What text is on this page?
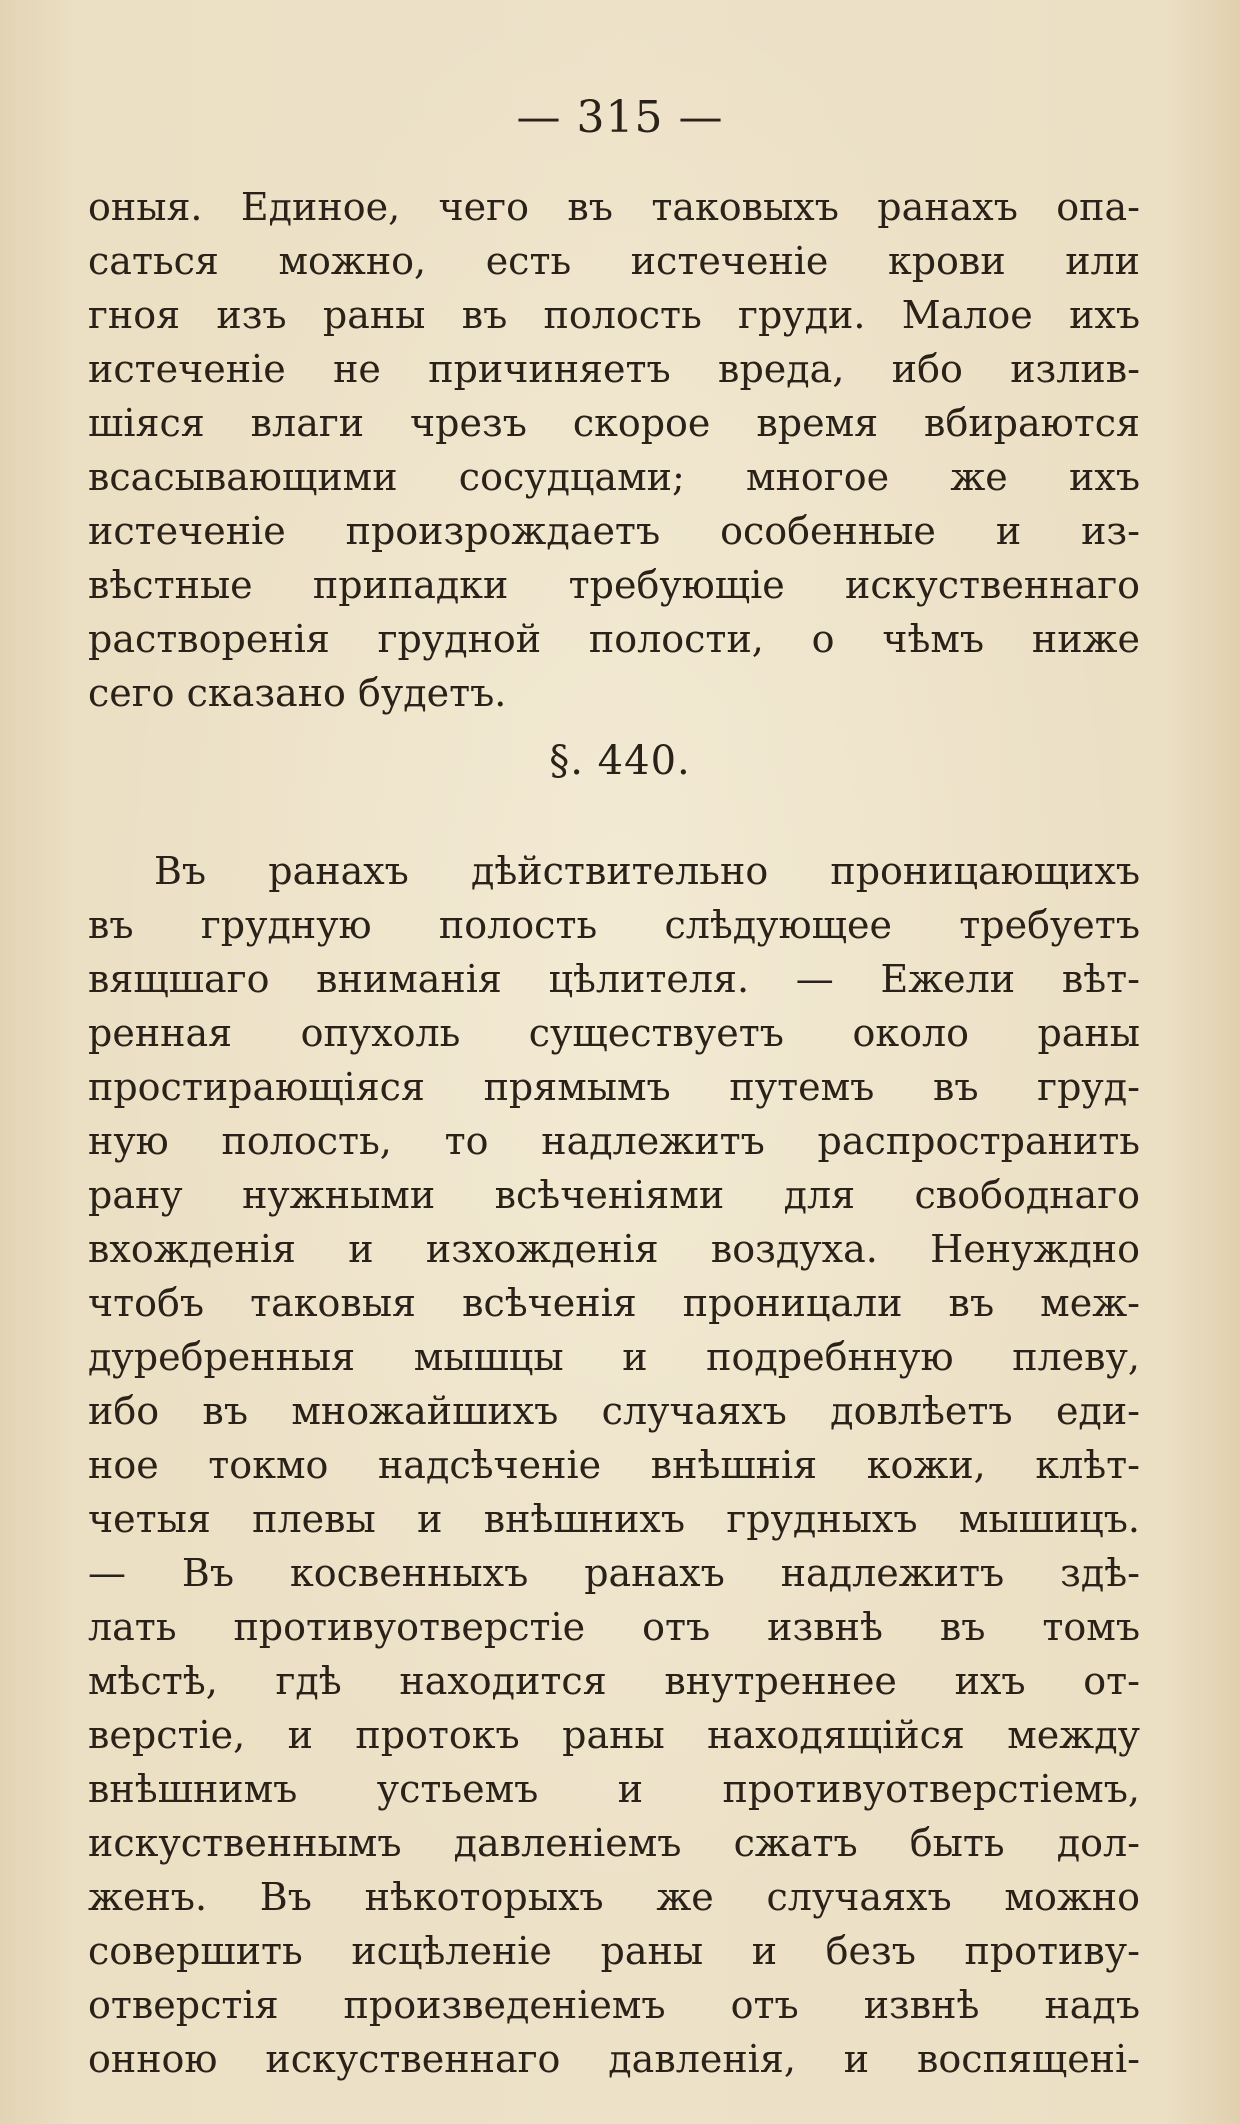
— 315 —
оныя. Единое, чего въ таковыхъ ранахъ опа-
саться можно, есть истеченіе крови или
гноя изъ раны въ полость груди. Малое ихъ
истеченіе не причиняетъ вреда, ибо излив-
шіяся влаги чрезъ скорое время вбираются
всасывающими сосудцами; многое же ихъ
истеченіе произрождаетъ особенные и из-
вѣстные припадки требующіе искуственнаго
растворенія грудной полости, о чѣмъ ниже
сего сказано будетъ.
§. 440.
Въ ранахъ дѣйствительно проницающихъ
въ грудную полость слѣдующее требуетъ
вящшаго вниманія цѣлителя. — Ежели вѣт-
ренная опухоль существуетъ около раны
простирающіяся прямымъ путемъ въ груд-
ную полость, то надлежитъ распространить
рану нужными всѣченіями для свободнаго
вхожденія и изхожденія воздуха. Ненуждно
чтобъ таковыя всѣченія проницали въ меж-
дуребренныя мышцы и подребнную плеву,
ибо въ множайшихъ случаяхъ довлѣетъ еди-
ное токмо надсѣченіе внѣшнія кожи, клѣт-
четыя плевы и внѣшнихъ грудныхъ мышицъ.
— Въ косвенныхъ ранахъ надлежитъ здѣ-
лать противуотверстіе отъ извнѣ въ томъ
мѣстѣ, гдѣ находится внутреннее ихъ от-
верстіе, и протокъ раны находящійся между
внѣшнимъ устьемъ и противуотверстіемъ,
искуственнымъ давленіемъ сжатъ быть дол-
женъ. Въ нѣкоторыхъ же случаяхъ можно
совершить исцѣленіе раны и безъ противу-
отверстія произведеніемъ отъ извнѣ надъ
онною искуственнаго давленія, и воспящені-
